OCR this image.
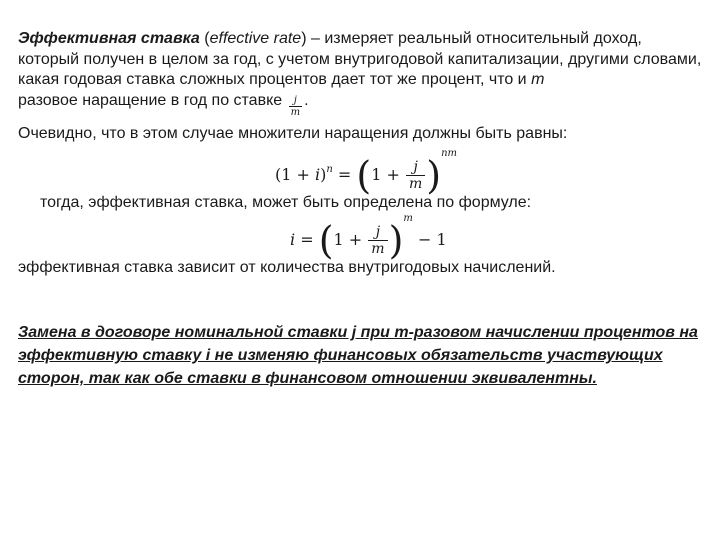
Эффективная ставка (effective rate) – измеряет реальный относительный доход, который получен в целом за год, с учетом внутригодовой капитализации, другими словами, какая годовая ставка сложных процентов дает тот же процент, что и m
разовое наращение в год по ставке $\frac{j}{m}$ .

Очевидно, что в этом случае множители наращения должны быть равны:

$(1 + i)^n = (1 + \frac{j}{m} )^{nm}$

тогда, эффективная ставка, может быть определена по формуле:

$i = (1 + \frac{j}{m} )^m - 1$

эффективная ставка зависит от количества внутригодовых начислений.

Замена в договоре номинальной ставки j при m-разовом начислении процентов на эффективную ставку i не изменяю финансовых обязательств участвующих сторон, так как обе ставки в финансовом отношении эквивалентны.
